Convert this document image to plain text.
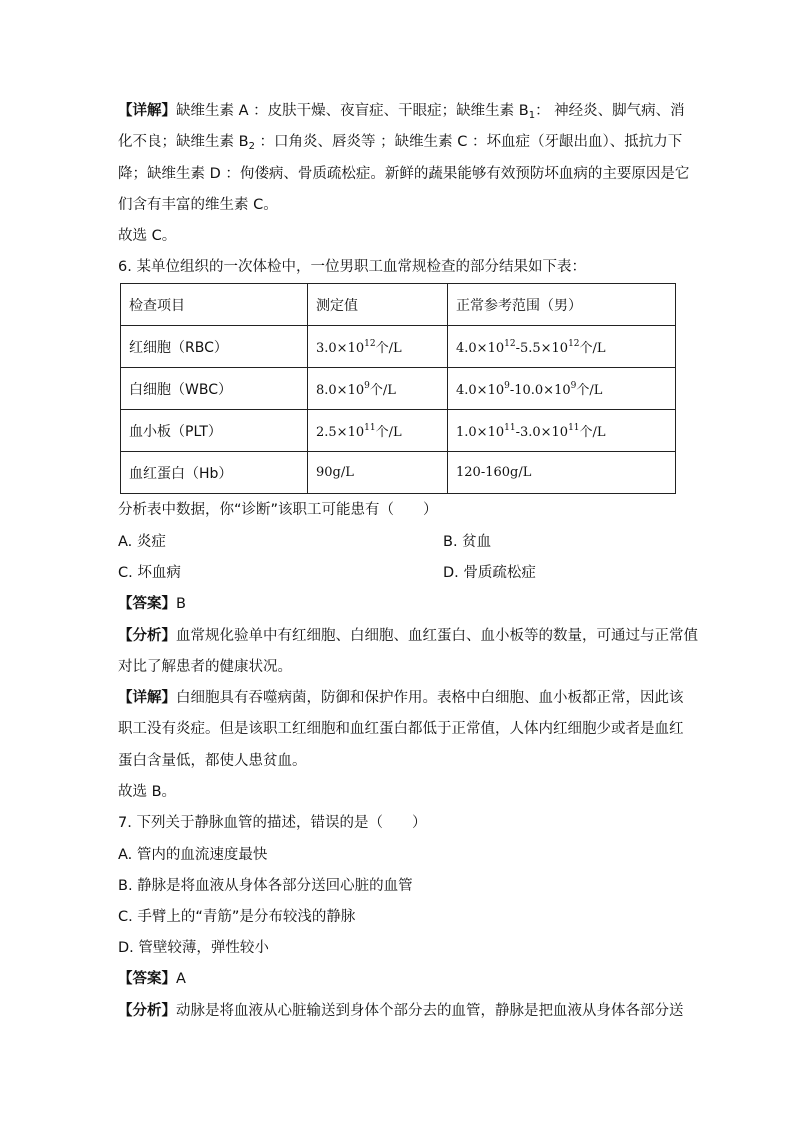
【详解】缺维生素 A ：皮肤干燥、夜盲症、干眼症；缺维生素 $B_1$： 神经炎、脚气病、消
化不良；缺维生素 $B_2$ ：口角炎、唇炎等 ；缺维生素 C ：坏血症（牙龈出血）、抵抗力下
降；缺维生素 D ：佝偻病、骨质疏松症。新鲜的蔬果能够有效预防坏血病的主要原因是它
们含有丰富的维生素 C。
故选 C。
6. 某单位组织的一次体检中，一位男职工血常规检查的部分结果如下表：
检查项目	测定值	正常参考范围（男）
红细胞（RBC）	$3.0\times 10^{12}$个/L	$4.0\times 10^{12}-5.5\times 10^{12}$个/L
白细胞（WBC）	$8.0\times 10^9$个/L	$4.0\times 10^9-10.0\times 10^9$个/L
血小板（PLT）	$2.5\times 10^{11}$个/L	$1.0\times 10^{11}-3.0\times 10^{11}$个/L
血红蛋白（Hb）	90g/L	120-160g/L
分析表中数据，你“诊断”该职工可能患有（　　）
A. 炎症	B. 贫血
C. 坏血病	D. 骨质疏松症
【答案】B
【分析】血常规化验单中有红细胞、白细胞、血红蛋白、血小板等的数量，可通过与正常值
对比了解患者的健康状况。
【详解】白细胞具有吞噬病菌，防御和保护作用。表格中白细胞、血小板都正常，因此该
职工没有炎症。但是该职工红细胞和血红蛋白都低于正常值，人体内红细胞少或者是血红
蛋白含量低，都使人患贫血。
故选 B。
7. 下列关于静脉血管的描述，错误的是（　　）
A. 管内的血流速度最快
B. 静脉是将血液从身体各部分送回心脏的血管
C. 手臂上的“青筋”是分布较浅的静脉
D. 管壁较薄，弹性较小
【答案】A
【分析】动脉是将血液从心脏输送到身体个部分去的血管，静脉是把血液从身体各部分送
